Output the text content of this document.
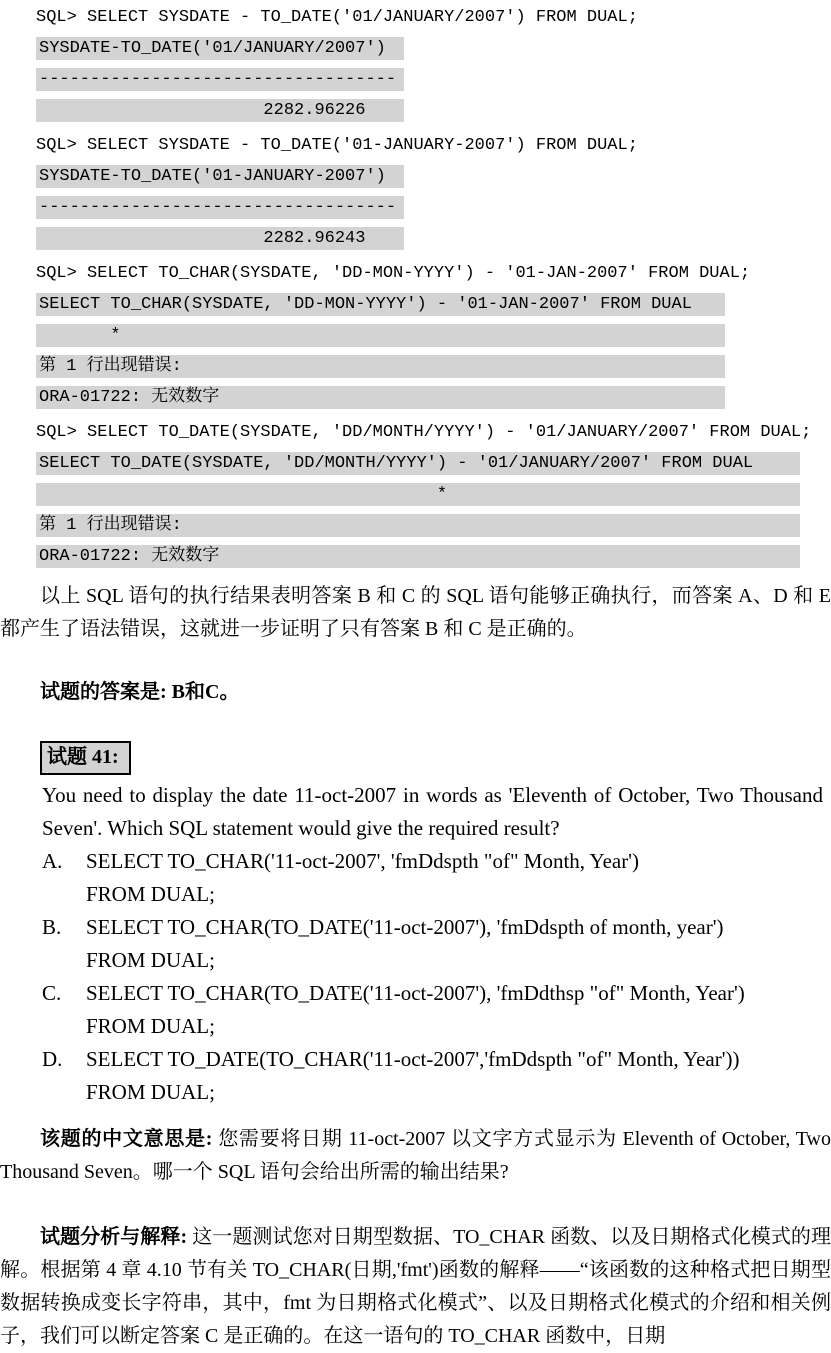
SQL> SELECT SYSDATE - TO_DATE('01/JANUARY/2007') FROM DUAL;
SYSDATE-TO_DATE('01/JANUARY/2007')
-----------------------------------
2282.96226
SQL> SELECT SYSDATE - TO_DATE('01-JANUARY-2007') FROM DUAL;
SYSDATE-TO_DATE('01-JANUARY-2007')
-----------------------------------
2282.96243
SQL> SELECT TO_CHAR(SYSDATE, 'DD-MON-YYYY') - '01-JAN-2007' FROM DUAL;
SELECT TO_CHAR(SYSDATE, 'DD-MON-YYYY') - '01-JAN-2007' FROM DUAL
*
第 1 行出现错误:
ORA-01722: 无效数字
SQL> SELECT TO_DATE(SYSDATE, 'DD/MONTH/YYYY') - '01/JANUARY/2007' FROM DUAL;
SELECT TO_DATE(SYSDATE, 'DD/MONTH/YYYY') - '01/JANUARY/2007' FROM DUAL
*
第 1 行出现错误:
ORA-01722: 无效数字

以上 SQL 语句的执行结果表明答案 B 和 C 的 SQL 语句能够正确执行，而答案 A、D 和 E 都产生了语法错误，这就进一步证明了只有答案 B 和 C 是正确的。

试题的答案是: B和C。

试题 41:

You need to display the date 11-oct-2007 in words as 'Eleventh of October, Two Thousand Seven'. Which SQL statement would give the required result?

A.	SELECT TO_CHAR('11-oct-2007', 'fmDdspth "of" Month, Year')
FROM DUAL;
B.	SELECT TO_CHAR(TO_DATE('11-oct-2007'), 'fmDdspth of month, year')
FROM DUAL;
C.	SELECT TO_CHAR(TO_DATE('11-oct-2007'), 'fmDdthsp "of" Month, Year')
FROM DUAL;
D.	SELECT TO_DATE(TO_CHAR('11-oct-2007','fmDdspth "of" Month, Year'))
FROM DUAL;

该题的中文意思是: 您需要将日期 11-oct-2007 以文字方式显示为 Eleventh of October, Two Thousand Seven。哪一个 SQL 语句会给出所需的输出结果?

试题分析与解释: 这一题测试您对日期型数据、TO_CHAR 函数、以及日期格式化模式的理解。根据第 4 章 4.10 节有关 TO_CHAR(日期,'fmt')函数的解释——“该函数的这种格式把日期型数据转换成变长字符串，其中，fmt 为日期格式化模式”、以及日期格式化模式的介绍和相关例子，我们可以断定答案 C 是正确的。在这一语句的 TO_CHAR 函数中，日期
